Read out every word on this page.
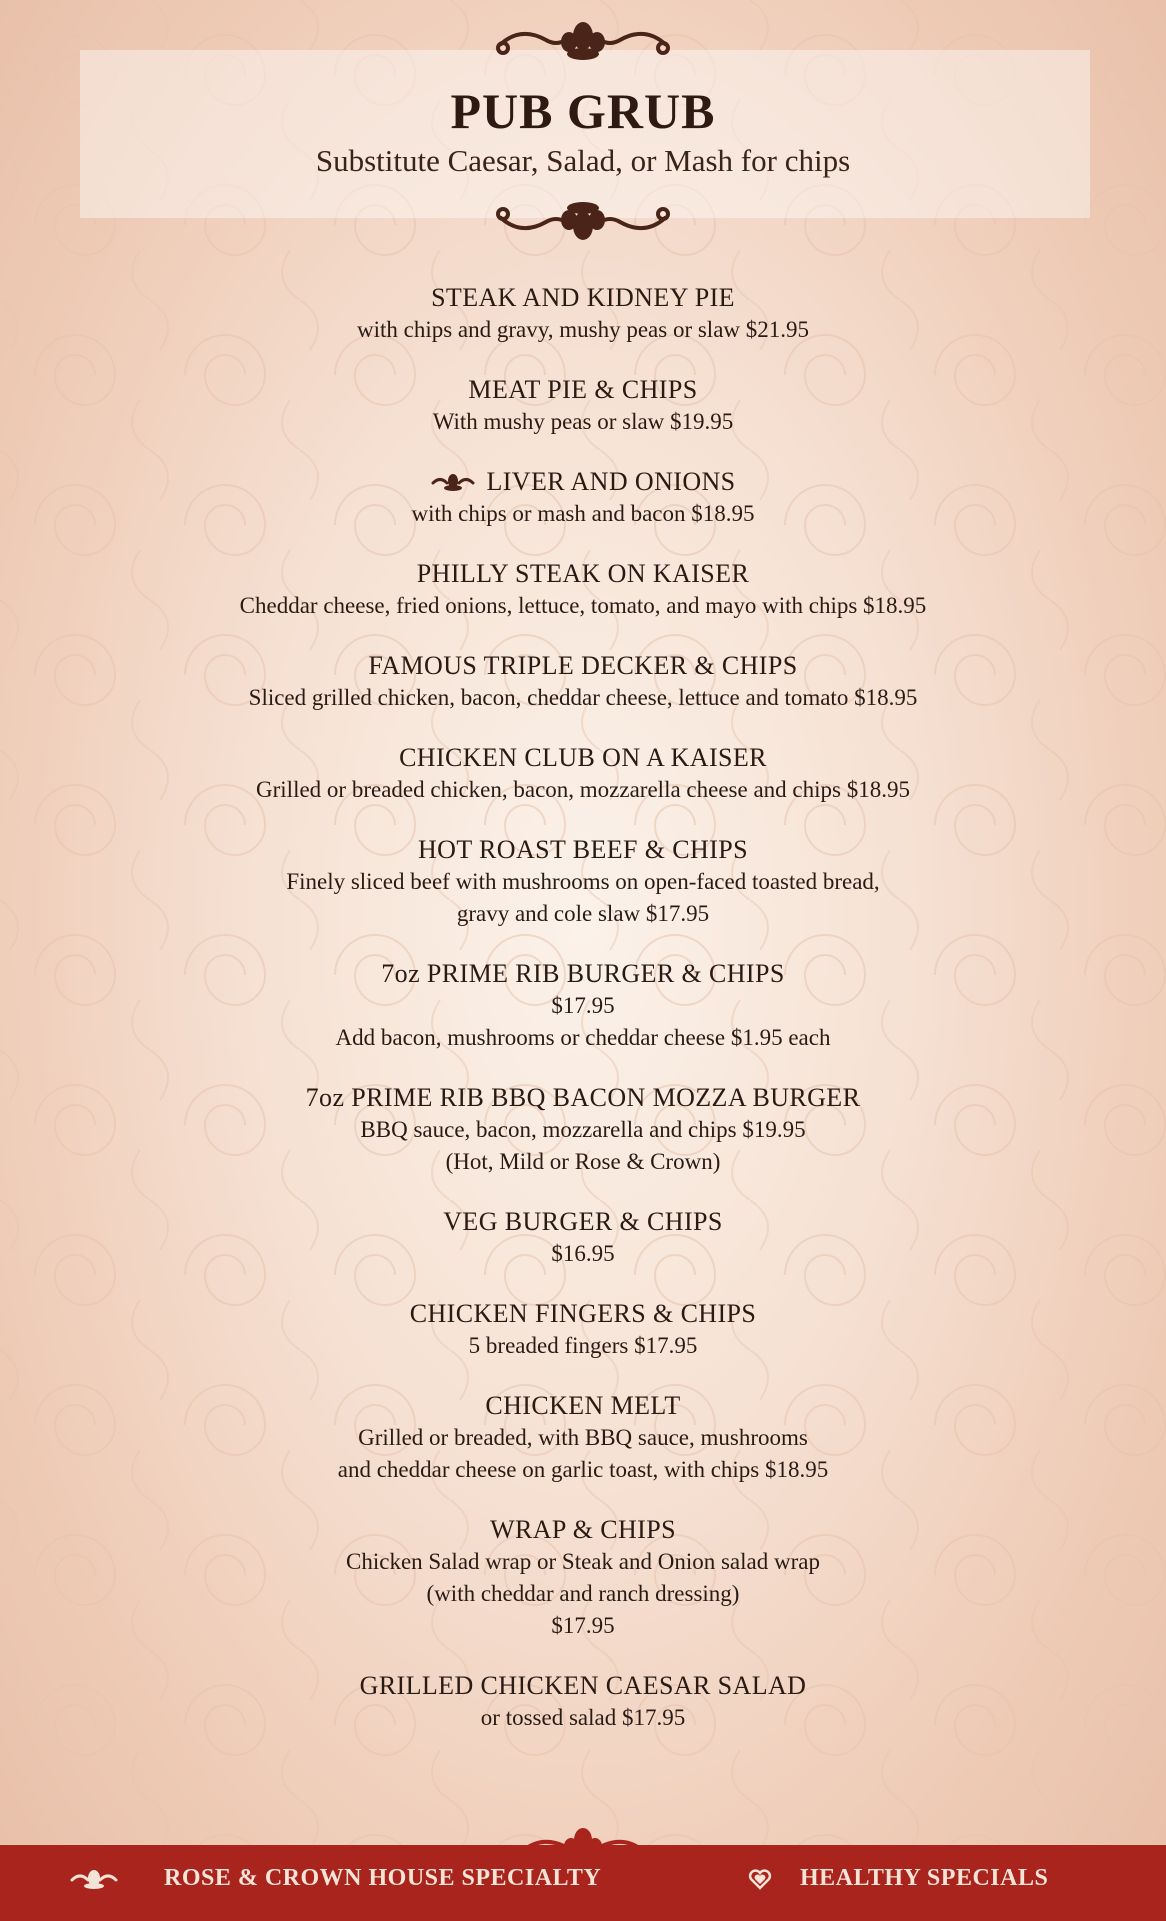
PUB GRUB
Substitute Caesar, Salad, or Mash for chips
STEAK AND KIDNEY PIE
with chips and gravy, mushy peas or slaw $21.95
MEAT PIE & CHIPS
With mushy peas or slaw $19.95
LIVER AND ONIONS
with chips or mash and bacon $18.95
PHILLY STEAK ON KAISER
Cheddar cheese, fried onions, lettuce, tomato, and mayo with chips $18.95
FAMOUS TRIPLE DECKER & CHIPS
Sliced grilled chicken, bacon, cheddar cheese, lettuce and tomato $18.95
CHICKEN CLUB ON A KAISER
Grilled or breaded chicken, bacon, mozzarella cheese and chips $18.95
HOT ROAST BEEF & CHIPS
Finely sliced beef with mushrooms on open-faced toasted bread,
gravy and cole slaw $17.95
7oz PRIME RIB BURGER & CHIPS
$17.95
Add bacon, mushrooms or cheddar cheese $1.95 each
7oz PRIME RIB BBQ BACON MOZZA BURGER
BBQ sauce, bacon, mozzarella and chips $19.95
(Hot, Mild or Rose & Crown)
VEG BURGER & CHIPS
$16.95
CHICKEN FINGERS & CHIPS
5 breaded fingers $17.95
CHICKEN MELT
Grilled or breaded, with BBQ sauce, mushrooms
and cheddar cheese on garlic toast, with chips $18.95
WRAP & CHIPS
Chicken Salad wrap or Steak and Onion salad wrap
(with cheddar and ranch dressing)
$17.95
GRILLED CHICKEN CAESAR SALAD
or tossed salad $17.95
ROSE & CROWN HOUSE SPECIALTY	HEALTHY SPECIALS
